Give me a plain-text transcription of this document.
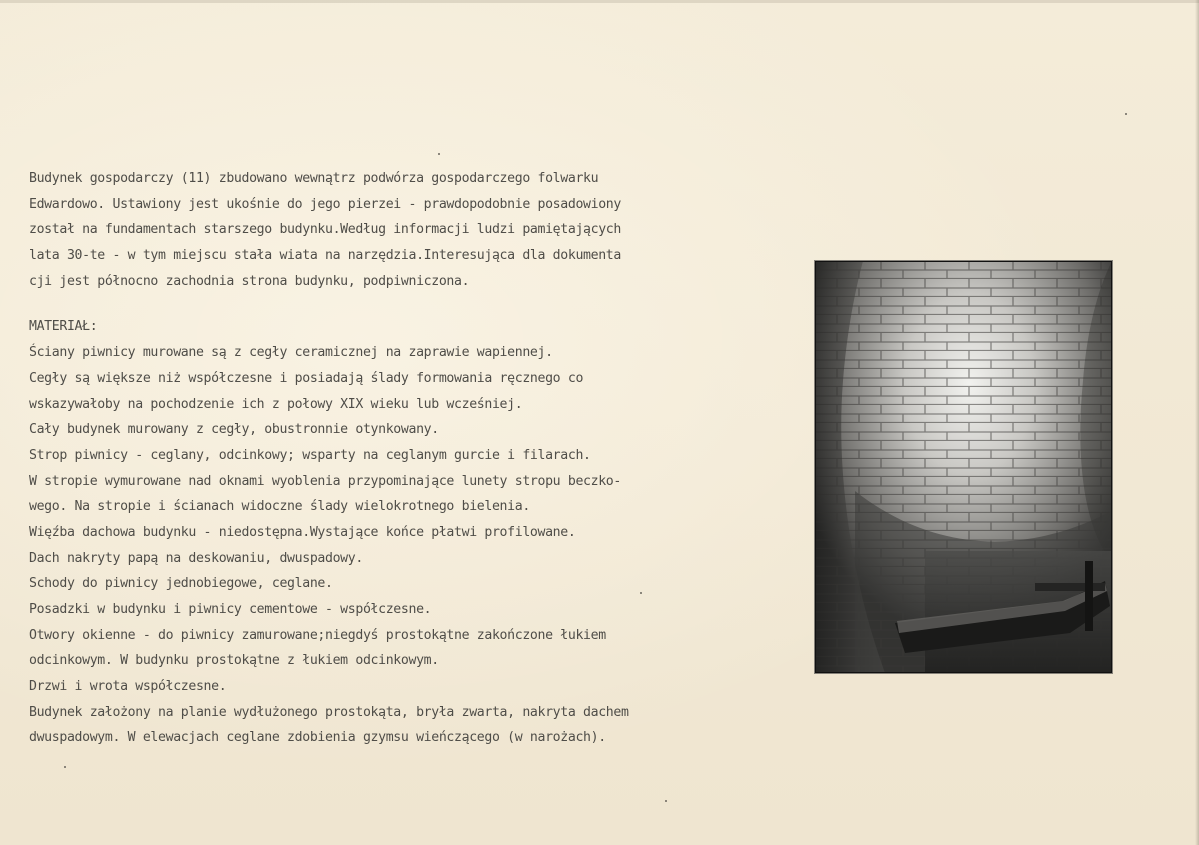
Budynek gospodarczy (11) zbudowano wewnątrz podwórza gospodarczego folwarku
Edwardowo. Ustawiony jest ukośnie do jego pierzei - prawdopodobnie posadowiony
został na fundamentach starszego budynku.Według informacji ludzi pamiętających
lata 30-te - w tym miejscu stała wiata na narzędzia.Interesująca dla dokumenta
cji jest północno zachodnia strona budynku, podpiwniczona.
MATERIAŁ:
Ściany piwnicy murowane są z cegły ceramicznej na zaprawie wapiennej.
Cegły są większe niż współczesne i posiadają ślady formowania ręcznego co
wskazywałoby na pochodzenie ich z połowy XIX wieku lub wcześniej.
Cały budynek murowany z cegły, obustronnie otynkowany.
Strop piwnicy - ceglany, odcinkowy; wsparty na ceglanym gurcie i filarach.
W stropie wymurowane nad oknami wyoblenia przypominające lunety stropu beczko-
wego. Na stropie i ścianach widoczne ślady wielokrotnego bielenia.
Więźba dachowa budynku - niedostępna.Wystające końce płatwi profilowane.
Dach nakryty papą na deskowaniu, dwuspadowy.
Schody do piwnicy jednobiegowe, ceglane.
Posadzki w budynku i piwnicy cementowe - współczesne.
Otwory okienne - do piwnicy zamurowane;niegdyś prostokątne zakończone łukiem
odcinkowym. W budynku prostokątne z łukiem odcinkowym.
Drzwi i wrota współczesne.
Budynek założony na planie wydłużonego prostokąta, bryła zwarta, nakryta dachem
dwuspadowym. W elewacjach ceglane zdobienia gzymsu wieńczącego (w narożach).
